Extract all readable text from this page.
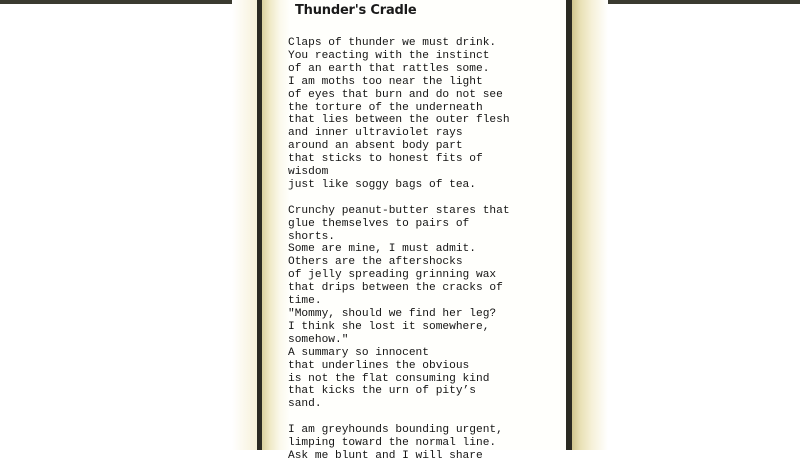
Thunder's Cradle
Claps of thunder we must drink.
You reacting with the instinct
of an earth that rattles some.
I am moths too near the light
of eyes that burn and do not see
the torture of the underneath
that lies between the outer flesh
and inner ultraviolet rays
around an absent body part
that sticks to honest fits of
wisdom
just like soggy bags of tea.
Crunchy peanut-butter stares that
glue themselves to pairs of
shorts.
Some are mine, I must admit.
Others are the aftershocks
of jelly spreading grinning wax
that drips between the cracks of
time.
"Mommy, should we find her leg?
I think she lost it somewhere,
somehow."
A summary so innocent
that underlines the obvious
is not the flat consuming kind
that kicks the urn of pity’s
sand.
I am greyhounds bounding urgent,
limping toward the normal line.
Ask me blunt and I will share
